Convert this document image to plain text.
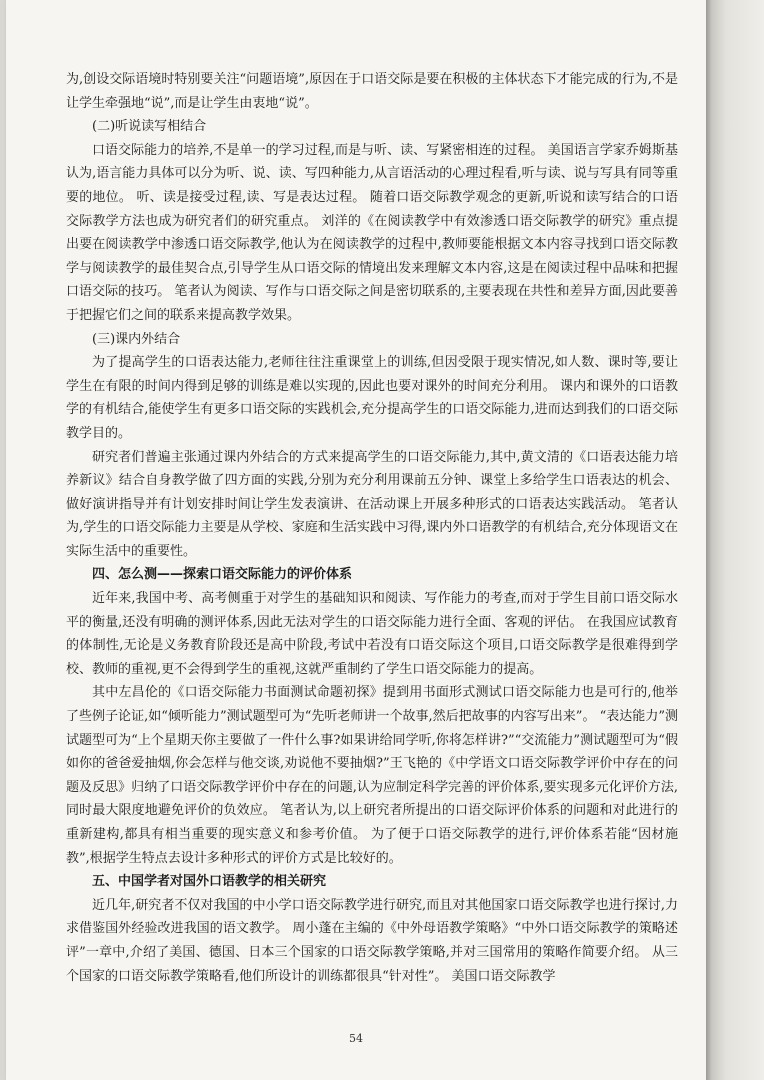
为,创设交际语境时特别要关注“问题语境”,原因在于口语交际是要在积极的主体状态下才能完成的行为,不是让学生牵强地“说”,而是让学生由衷地“说”。

(二)听说读写相结合

口语交际能力的培养,不是单一的学习过程,而是与听、读、写紧密相连的过程。 美国语言学家乔姆斯基认为,语言能力具体可以分为听、说、读、写四种能力,从言语活动的心理过程看,听与读、说与写具有同等重要的地位。 听、读是接受过程,读、写是表达过程。 随着口语交际教学观念的更新,听说和读写结合的口语交际教学方法也成为研究者们的研究重点。 刘洋的《在阅读教学中有效渗透口语交际教学的研究》重点提出要在阅读教学中渗透口语交际教学,他认为在阅读教学的过程中,教师要能根据文本内容寻找到口语交际教学与阅读教学的最佳契合点,引导学生从口语交际的情境出发来理解文本内容,这是在阅读过程中品味和把握口语交际的技巧。 笔者认为阅读、写作与口语交际之间是密切联系的,主要表现在共性和差异方面,因此要善于把握它们之间的联系来提高教学效果。

(三)课内外结合

为了提高学生的口语表达能力,老师往往注重课堂上的训练,但因受限于现实情况,如人数、课时等,要让学生在有限的时间内得到足够的训练是难以实现的,因此也要对课外的时间充分利用。 课内和课外的口语教学的有机结合,能使学生有更多口语交际的实践机会,充分提高学生的口语交际能力,进而达到我们的口语交际教学目的。

研究者们普遍主张通过课内外结合的方式来提高学生的口语交际能力,其中,黄文清的《口语表达能力培养新议》结合自身教学做了四方面的实践,分别为充分利用课前五分钟、课堂上多给学生口语表达的机会、做好演讲指导并有计划安排时间让学生发表演讲、在活动课上开展多种形式的口语表达实践活动。 笔者认为,学生的口语交际能力主要是从学校、家庭和生活实践中习得,课内外口语教学的有机结合,充分体现语文在实际生活中的重要性。

四、怎么测——探索口语交际能力的评价体系

近年来,我国中考、高考侧重于对学生的基础知识和阅读、写作能力的考查,而对于学生目前口语交际水平的衡量,还没有明确的测评体系,因此无法对学生的口语交际能力进行全面、客观的评估。 在我国应试教育的体制性,无论是义务教育阶段还是高中阶段,考试中若没有口语交际这个项目,口语交际教学是很难得到学校、教师的重视,更不会得到学生的重视,这就严重制约了学生口语交际能力的提高。

其中左昌伦的《口语交际能力书面测试命题初探》提到用书面形式测试口语交际能力也是可行的,他举了些例子论证,如“倾听能力”测试题型可为“先听老师讲一个故事,然后把故事的内容写出来”。 “表达能力”测试题型可为“上个星期天你主要做了一件什么事?如果讲给同学听,你将怎样讲?”“交流能力”测试题型可为“假如你的爸爸爱抽烟,你会怎样与他交谈,劝说他不要抽烟?”王飞艳的《中学语文口语交际教学评价中存在的问题及反思》归纳了口语交际教学评价中存在的问题,认为应制定科学完善的评价体系,要实现多元化评价方法,同时最大限度地避免评价的负效应。 笔者认为,以上研究者所提出的口语交际评价体系的问题和对此进行的重新建构,都具有相当重要的现实意义和参考价值。 为了便于口语交际教学的进行,评价体系若能“因材施教”,根据学生特点去设计多种形式的评价方式是比较好的。

五、中国学者对国外口语教学的相关研究

近几年,研究者不仅对我国的中小学口语交际教学进行研究,而且对其他国家口语交际教学也进行探讨,力求借鉴国外经验改进我国的语文教学。 周小蓬在主编的《中外母语教学策略》“中外口语交际教学的策略述评”一章中,介绍了美国、德国、日本三个国家的口语交际教学策略,并对三国常用的策略作简要介绍。 从三个国家的口语交际教学策略看,他们所设计的训练都很具“针对性”。 美国口语交际教学

54
